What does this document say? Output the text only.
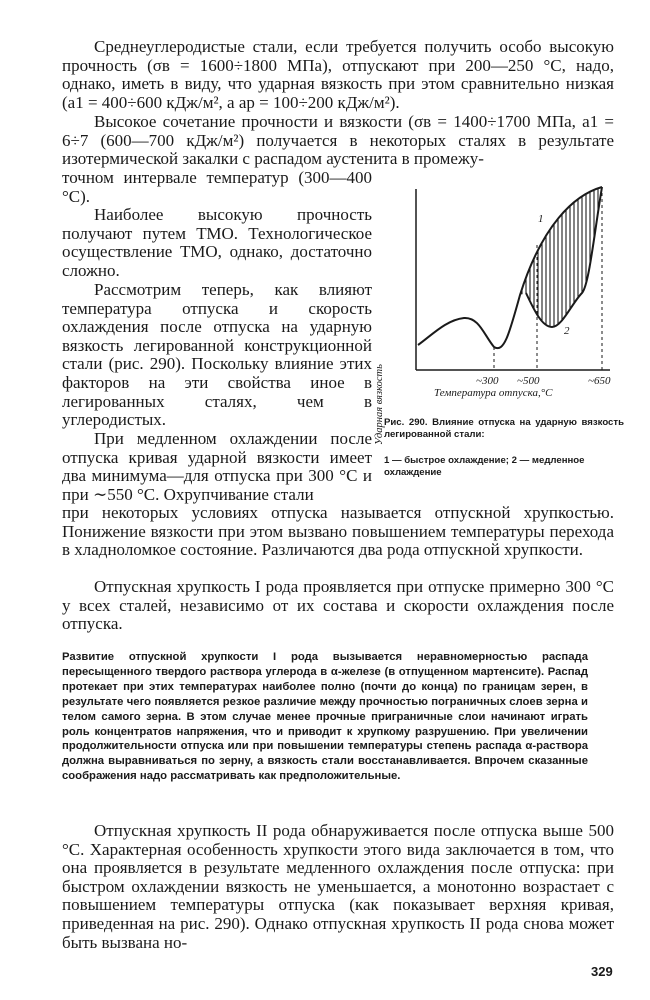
Среднеуглеродистые стали, если требуется получить особо высокую прочность (σв = 1600÷1800 МПа), отпускают при 200—250 °С, надо, однако, иметь в виду, что ударная вязкость при этом сравнительно низкая (a1 = 400÷600 кДж/м², а aр = 100÷200 кДж/м²).

Высокое сочетание прочности и вязкости (σв = 1400÷1700 МПа, a1 = 6÷7 (600—700 кДж/м²) получается в некоторых сталях в результате изотермической закалки с распадом аустенита в промежу-

точном интервале температур (300—400 °С).

Наиболее высокую прочность получают путем ТМО. Технологическое осуществление ТМО, однако, достаточно сложно.

Рассмотрим теперь, как влияют температура отпуска и скорость охлаждения после отпуска на ударную вязкость легированной конструкционной стали (рис. 290). Поскольку влияние этих факторов на эти свойства иное в легированных сталях, чем в углеродистых.

При медленном охлаждении после отпуска кривая ударной вязкости имеет два минимума—для отпуска при 300 °С и при ∼550 °С. Охрупчивание стали

при некоторых условиях отпуска называется отпускной хрупкостью. Понижение вязкости при этом вызвано повышением температуры перехода в хладноломкое состояние. Различаются два рода отпускной хрупкости.

Отпускная хрупкость I рода проявляется при отпуске примерно 300 °С у всех сталей, независимо от их состава и скорости охлаждения после отпуска.

Развитие отпускной хрупкости I рода вызывается неравномерностью распада пересыщенного твердого раствора углерода в α-железе (в отпущенном мартенсите). Распад протекает при этих температурах наиболее полно (почти до конца) по границам зерен, в результате чего появляется резкое различие между прочностью пограничных слоев зерна и телом самого зерна. В этом случае менее прочные приграничные слои начинают играть роль концентратов напряжения, что и приводит к хрупкому разрушению. При увеличении продолжительности отпуска или при повышении температуры степень распада α-раствора должна выравниваться по зерну, а вязкость стали восстанавливается. Впрочем сказанные соображения надо рассматривать как предположительные.

Отпускная хрупкость II рода обнаруживается после отпуска выше 500 °С. Характерная особенность хрупкости этого вида заключается в том, что она проявляется в результате медленного охлаждения после отпуска: при быстром охлаждении вязкость не уменьшается, а монотонно возрастает с повышением температуры отпуска (как показывает верхняя кривая, приведенная на рис. 290). Однако отпускная хрупкость II рода снова может быть вызвана но-

Ударная вязкость	~300 ~500	~650
Температура отпуска,°С
1
2
Рис. 290. Влияние отпуска на ударную вязкость легированной стали:
1 — быстрое охлаждение; 2 — медленное охлаждение
329
